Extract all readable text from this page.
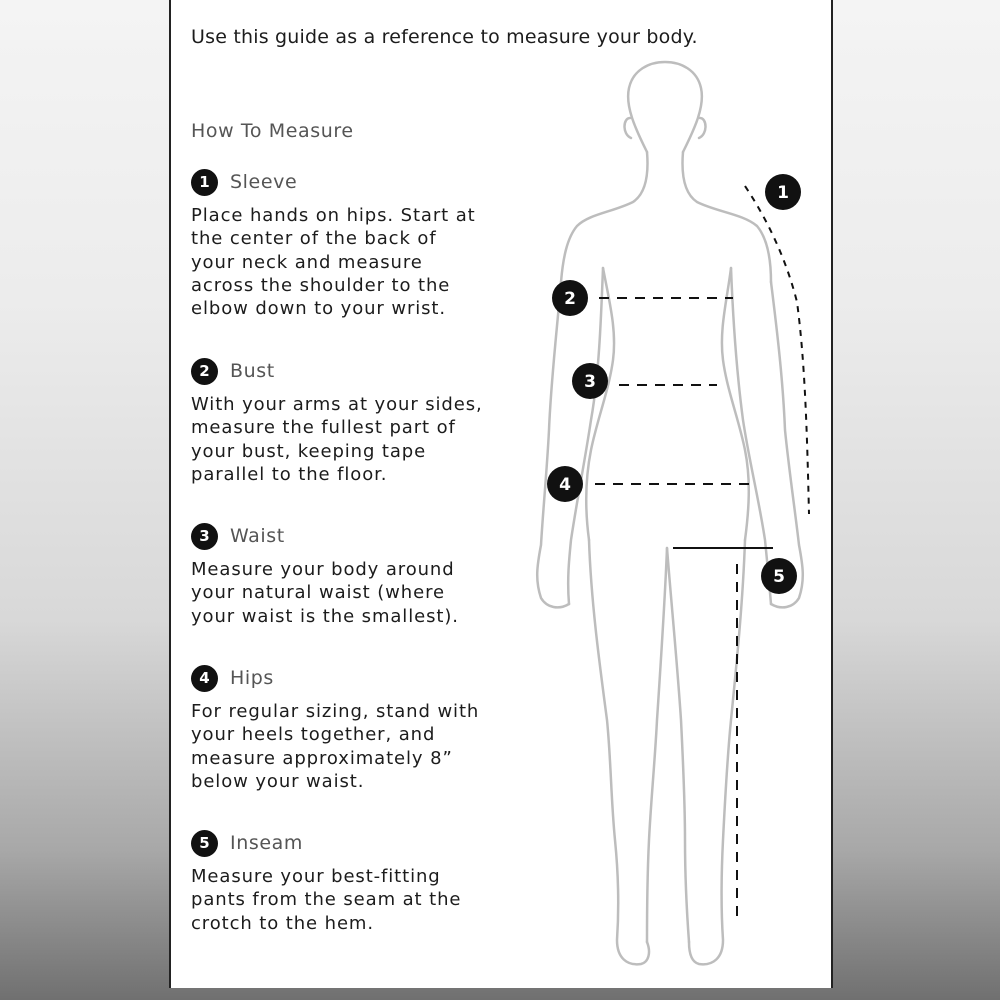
Use this guide as a reference to measure your body.

How To Measure
1	Sleeve

Place hands on hips. Start at
the center of the back of
your neck and measure
across the shoulder to the
elbow down to your wrist.

2	Bust

With your arms at your sides,
measure the fullest part of
your bust, keeping tape
parallel to the floor.

3	Waist

Measure your body around
your natural waist (where
your waist is the smallest).

4	Hips

For regular sizing, stand with
your heels together, and
measure approximately 8”
below your waist.

5	Inseam

Measure your best-fitting
pants from the seam at the
crotch to the hem.

1
2
3
4
5
